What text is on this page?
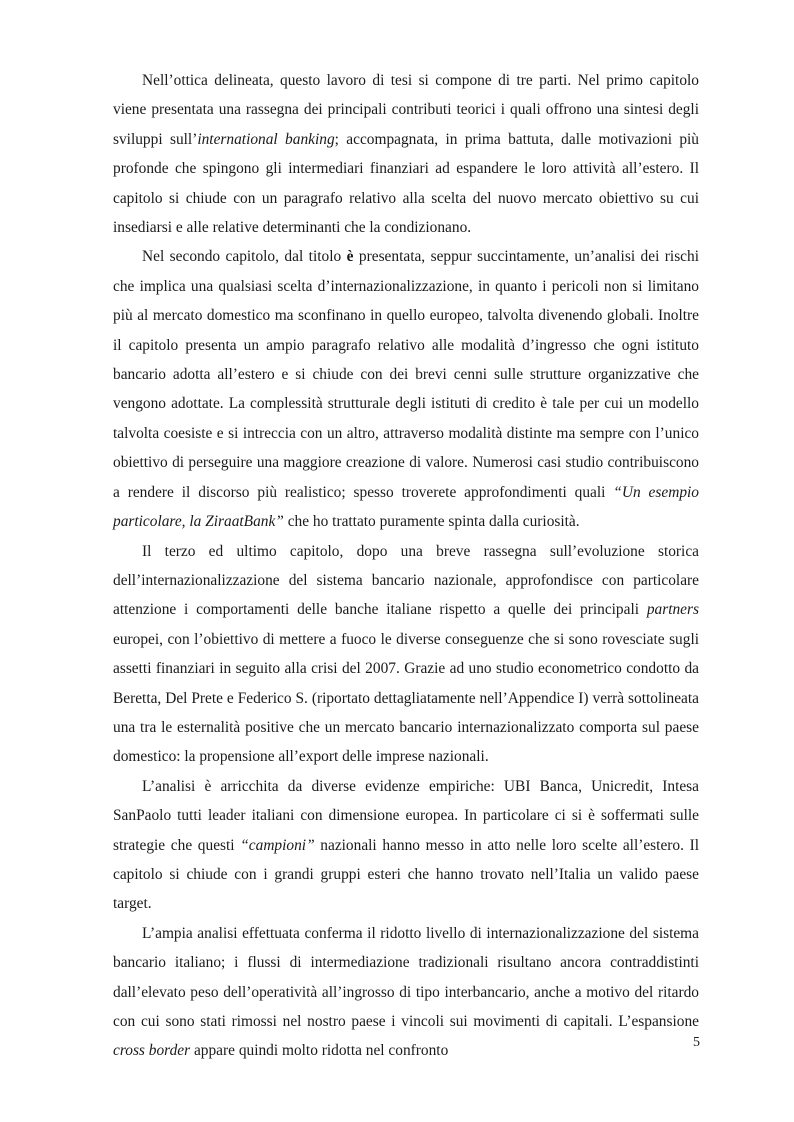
Nell’ottica delineata, questo lavoro di tesi si compone di tre parti. Nel primo capitolo viene presentata una rassegna dei principali contributi teorici i quali offrono una sintesi degli sviluppi sull’international banking; accompagnata, in prima battuta, dalle motivazioni più profonde che spingono gli intermediari finanziari ad espandere le loro attività all’estero. Il capitolo si chiude con un paragrafo relativo alla scelta del nuovo mercato obiettivo su cui insediarsi e alle relative determinanti che la condizionano.

Nel secondo capitolo, dal titolo è presentata, seppur succintamente, un’analisi dei rischi che implica una qualsiasi scelta d’internazionalizzazione, in quanto i pericoli non si limitano più al mercato domestico ma sconfinano in quello europeo, talvolta divenendo globali. Inoltre il capitolo presenta un ampio paragrafo relativo alle modalità d’ingresso che ogni istituto bancario adotta all’estero e si chiude con dei brevi cenni sulle strutture organizzative che vengono adottate. La complessità strutturale degli istituti di credito è tale per cui un modello talvolta coesiste e si intreccia con un altro, attraverso modalità distinte ma sempre con l’unico obiettivo di perseguire una maggiore creazione di valore. Numerosi casi studio contribuiscono a rendere il discorso più realistico; spesso troverete approfondimenti quali “Un esempio particolare, la ZiraatBank” che ho trattato puramente spinta dalla curiosità.

Il terzo ed ultimo capitolo, dopo una breve rassegna sull’evoluzione storica dell’internazionalizzazione del sistema bancario nazionale, approfondisce con particolare attenzione i comportamenti delle banche italiane rispetto a quelle dei principali partners europei, con l’obiettivo di mettere a fuoco le diverse conseguenze che si sono rovesciate sugli assetti finanziari in seguito alla crisi del 2007. Grazie ad uno studio econometrico condotto da Beretta, Del Prete e Federico S. (riportato dettagliatamente nell’Appendice I) verrà sottolineata una tra le esternalità positive che un mercato bancario internazionalizzato comporta sul paese domestico: la propensione all’export delle imprese nazionali.

L’analisi è arricchita da diverse evidenze empiriche: UBI Banca, Unicredit, Intesa SanPaolo tutti leader italiani con dimensione europea. In particolare ci si è soffermati sulle strategie che questi “campioni” nazionali hanno messo in atto nelle loro scelte all’estero. Il capitolo si chiude con i grandi gruppi esteri che hanno trovato nell’Italia un valido paese target.

L’ampia analisi effettuata conferma il ridotto livello di internazionalizzazione del sistema bancario italiano; i flussi di intermediazione tradizionali risultano ancora contraddistinti dall’elevato peso dell’operatività all’ingrosso di tipo interbancario, anche a motivo del ritardo con cui sono stati rimossi nel nostro paese i vincoli sui movimenti di capitali. L’espansione cross border appare quindi molto ridotta nel confronto	5
